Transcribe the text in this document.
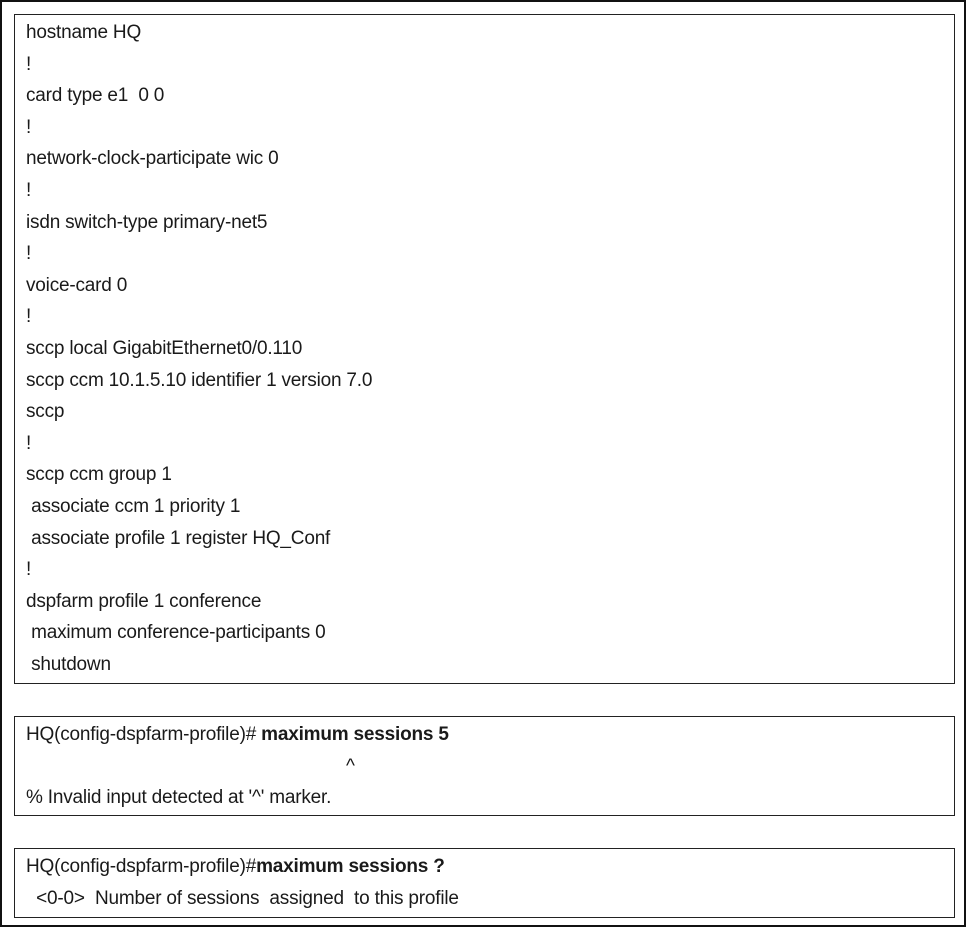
hostname HQ
!
card type e1  0 0
!
network-clock-participate wic 0
!
isdn switch-type primary-net5
!
voice-card 0
!
sccp local GigabitEthernet0/0.110
sccp ccm 10.1.5.10 identifier 1 version 7.0
sccp
!
sccp ccm group 1
associate ccm 1 priority 1
associate profile 1 register HQ_Conf
!
dspfarm profile 1 conference
maximum conference-participants 0
shutdown
HQ(config-dspfarm-profile)# maximum sessions 5
^
% Invalid input detected at '^' marker.
HQ(config-dspfarm-profile)#maximum sessions ?
<0-0>  Number of sessions  assigned  to this profile
